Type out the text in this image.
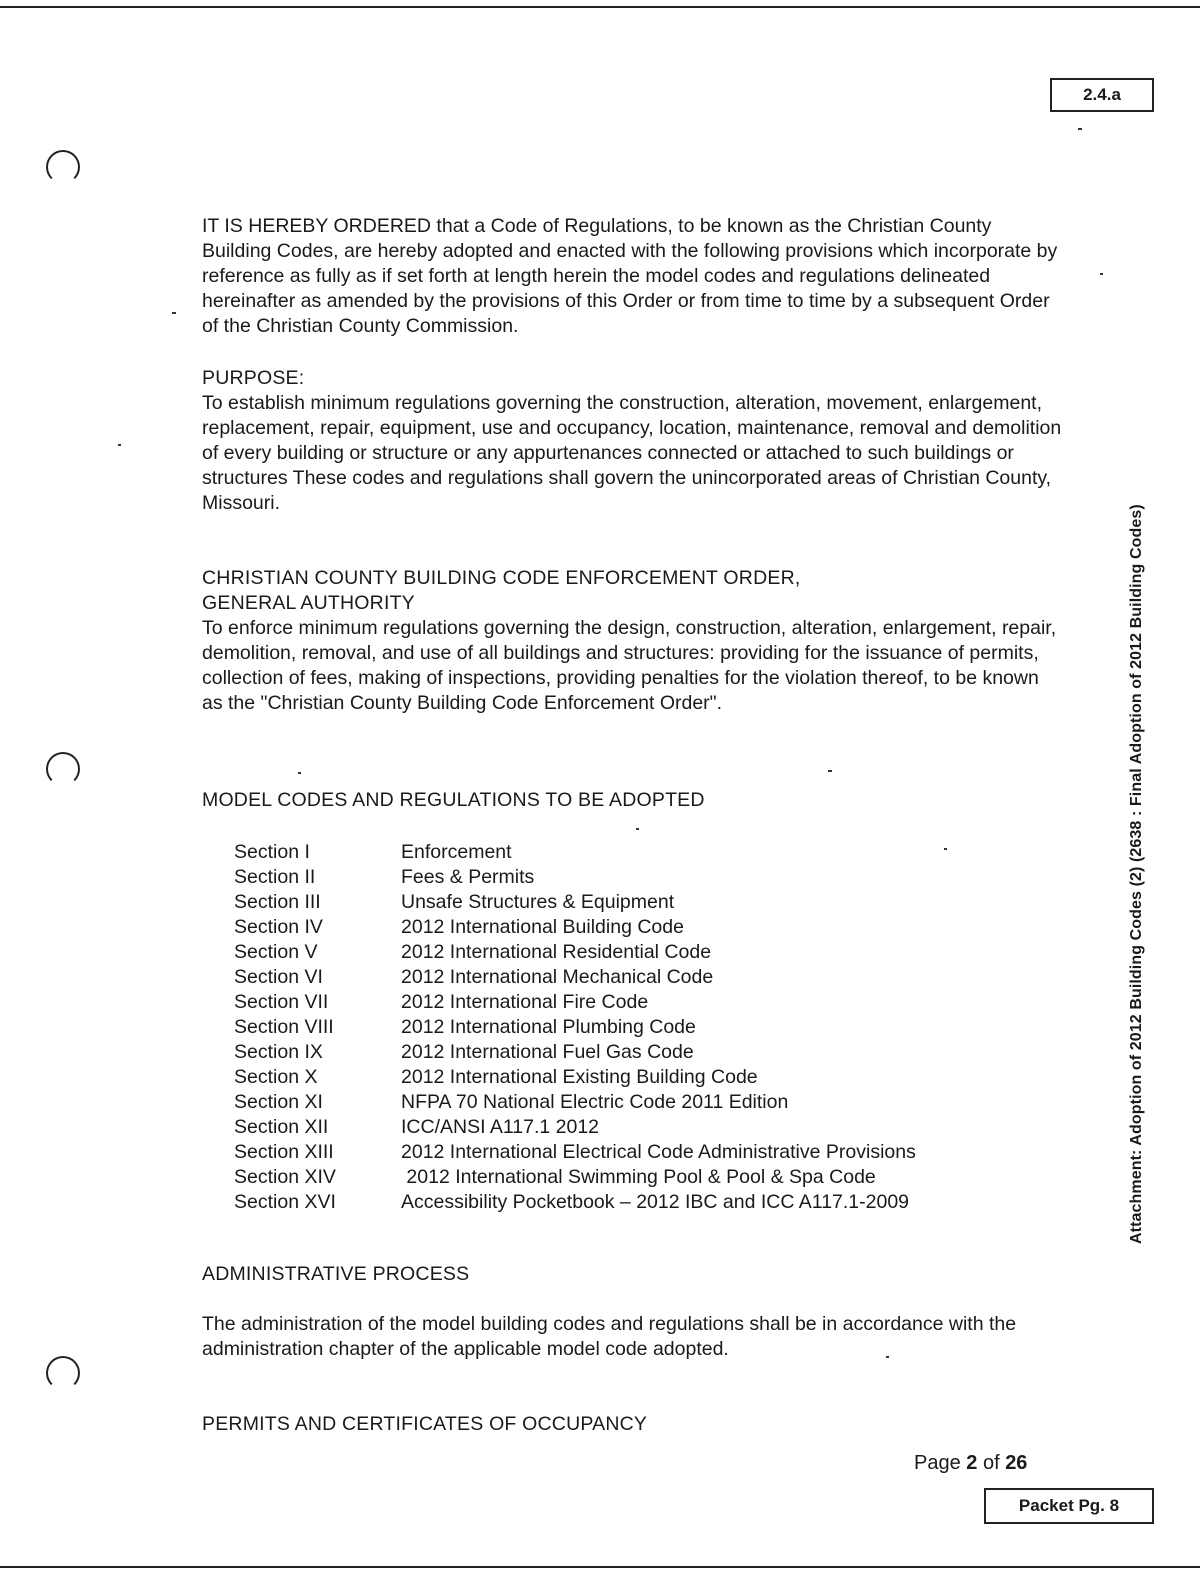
2.4.a
Attachment: Adoption of 2012 Building Codes (2) (2638 : Final Adoption of 2012 Building Codes)

IT IS HEREBY ORDERED that a Code of Regulations, to be known as the Christian County Building Codes, are hereby adopted and enacted with the following provisions which incorporate by reference as fully as if set forth at length herein the model codes and regulations delineated hereinafter as amended by the provisions of this Order or from time to time by a subsequent Order of the Christian County Commission.

PURPOSE:

To establish minimum regulations governing the construction, alteration, movement, enlargement, replacement, repair, equipment, use and occupancy, location, maintenance, removal and demolition of every building or structure or any appurtenances connected or attached to such buildings or structures These codes and regulations shall govern the unincorporated areas of Christian County, Missouri.

CHRISTIAN COUNTY BUILDING CODE ENFORCEMENT ORDER,

GENERAL AUTHORITY

To enforce minimum regulations governing the design, construction, alteration, enlargement, repair, demolition, removal, and use of all buildings and structures: providing for the issuance of permits, collection of fees, making of inspections, providing penalties for the violation thereof, to be known as the "Christian County Building Code Enforcement Order".

MODEL CODES AND REGULATIONS TO BE ADOPTED

Section I	Enforcement
Section II	Fees & Permits
Section III	Unsafe Structures & Equipment
Section IV	2012 International Building Code
Section V	2012 International Residential Code
Section VI	2012 International Mechanical Code
Section VII	2012 International Fire Code
Section VIII	2012 International Plumbing Code
Section IX	2012 International Fuel Gas Code
Section X	2012 International Existing Building Code
Section XI	NFPA 70 National Electric Code 2011 Edition
Section XII	ICC/ANSI A117.1 2012
Section XIII	2012 International Electrical Code Administrative Provisions
Section XIV	2012 International Swimming Pool & Pool & Spa Code
Section XVI	Accessibility Pocketbook – 2012 IBC and ICC A117.1-2009

ADMINISTRATIVE PROCESS

The administration of the model building codes and regulations shall be in accordance with the administration chapter of the applicable model code adopted.

PERMITS AND CERTIFICATES OF OCCUPANCY

Page 2 of 26
Packet Pg. 8
